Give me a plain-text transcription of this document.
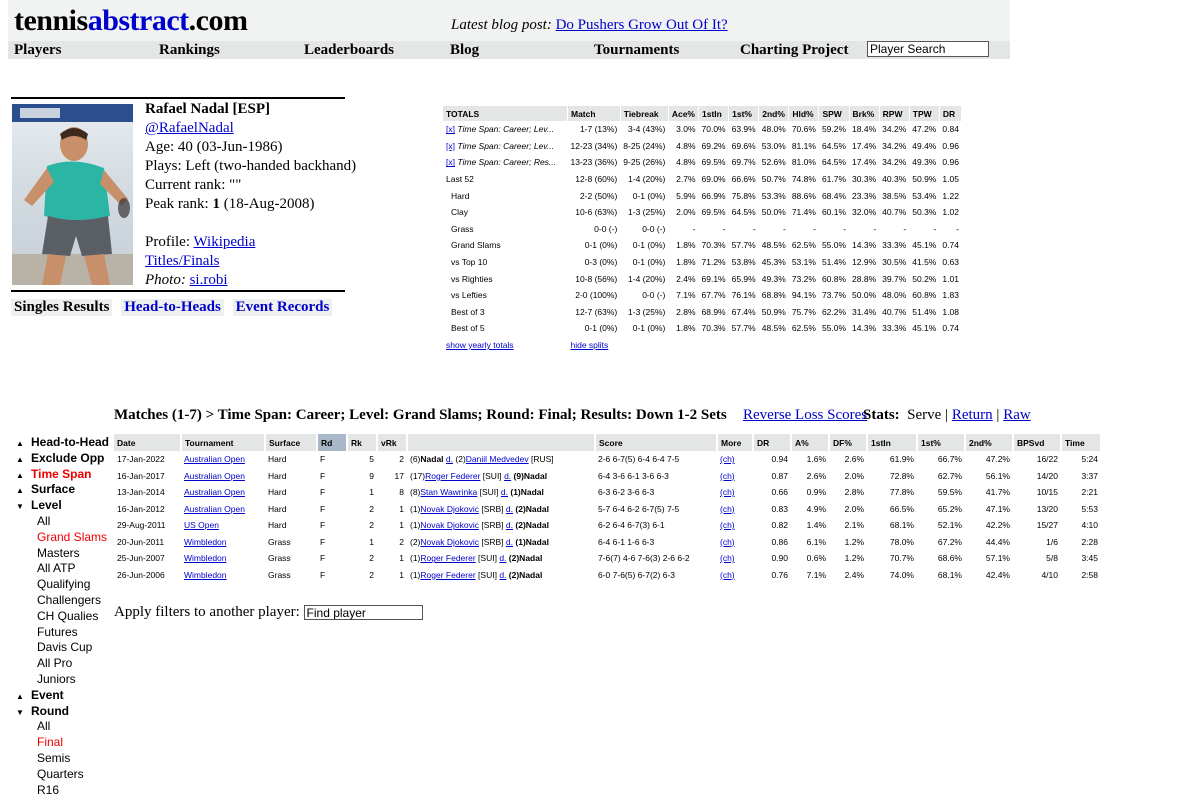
tennisabstract.com	Latest blog post: Do Pushers Grow Out Of It?
Players	Rankings	Leaderboards	Blog	Tournaments	Charting Project
Player Search
Rafael Nadal [ESP]
@RafaelNadal
Age: 40 (03-Jun-1986)
Plays: Left (two-handed backhand)
Current rank: ""
Peak rank: 1 (18-Aug-2008)
Profile: Wikipedia
Titles/Finals
Photo: si.robi
Singles Results Head-to-Heads Event Records
TOTALS	Match	Tiebreak	Ace%	1stIn	1st%	2nd%	Hld%	SPW	Brk%	RPW	TPW	DR
[x] Time Span: Career; Lev...	1-7 (13%)	3-4 (43%)	3.0%	70.0%	63.9%	48.0%	70.6%	59.2%	18.4%	34.2%	47.2%	0.84
[x] Time Span: Career; Lev...	12-23 (34%)	8-25 (24%)	4.8%	69.2%	69.6%	53.0%	81.1%	64.5%	17.4%	34.2%	49.4%	0.96
[x] Time Span: Career; Res...	13-23 (36%)	9-25 (26%)	4.8%	69.5%	69.7%	52.6%	81.0%	64.5%	17.4%	34.2%	49.3%	0.96
Last 52	12-8 (60%)	1-4 (20%)	2.7%	69.0%	66.6%	50.7%	74.8%	61.7%	30.3%	40.3%	50.9%	1.05
Hard	2-2 (50%)	0-1 (0%)	5.9%	66.9%	75.8%	53.3%	88.6%	68.4%	23.3%	38.5%	53.4%	1.22
Clay	10-6 (63%)	1-3 (25%)	2.0%	69.5%	64.5%	50.0%	71.4%	60.1%	32.0%	40.7%	50.3%	1.02
Grass	0-0 (-)	0-0 (-)	-	-	-	-	-	-	-	-	-	-
Grand Slams	0-1 (0%)	0-1 (0%)	1.8%	70.3%	57.7%	48.5%	62.5%	55.0%	14.3%	33.3%	45.1%	0.74
vs Top 10	0-3 (0%)	0-1 (0%)	1.8%	71.2%	53.8%	45.3%	53.1%	51.4%	12.9%	30.5%	41.5%	0.63
vs Righties	10-8 (56%)	1-4 (20%)	2.4%	69.1%	65.9%	49.3%	73.2%	60.8%	28.8%	39.7%	50.2%	1.01
vs Lefties	2-0 (100%)	0-0 (-)	7.1%	67.7%	76.1%	68.8%	94.1%	73.7%	50.0%	48.0%	60.8%	1.83
Best of 3	12-7 (63%)	1-3 (25%)	2.8%	68.9%	67.4%	50.9%	75.7%	62.2%	31.4%	40.7%	51.4%	1.08
Best of 5	0-1 (0%)	0-1 (0%)	1.8%	70.3%	57.7%	48.5%	62.5%	55.0%	14.3%	33.3%	45.1%	0.74
show yearly totals	hide splits											
Matches (1-7) > Time Span: Career; Level: Grand Slams; Round: Final; Results: Down 1-2 Sets Reverse Loss Scores
Stats: Serve | Return | Raw
Date	Tournament	Surface	Rd	Rk	vRk		Score	More	DR	A%	DF%	1stIn	1st%	2nd%	BPSvd	Time
17-Jan-2022	Australian Open	Hard	F	5	2	(6)Nadal d. (2)Daniil Medvedev [RUS]	2-6 6-7(5) 6-4 6-4 7-5	(ch)	0.94	1.6%	2.6%	61.9%	66.7%	47.2%	16/22	5:24
16-Jan-2017	Australian Open	Hard	F	9	17	(17)Roger Federer [SUI] d. (9)Nadal	6-4 3-6 6-1 3-6 6-3	(ch)	0.87	2.6%	2.0%	72.8%	62.7%	56.1%	14/20	3:37
13-Jan-2014	Australian Open	Hard	F	1	8	(8)Stan Wawrinka [SUI] d. (1)Nadal	6-3 6-2 3-6 6-3	(ch)	0.66	0.9%	2.8%	77.8%	59.5%	41.7%	10/15	2:21
16-Jan-2012	Australian Open	Hard	F	2	1	(1)Novak Djokovic [SRB] d. (2)Nadal	5-7 6-4 6-2 6-7(5) 7-5	(ch)	0.83	4.9%	2.0%	66.5%	65.2%	47.1%	13/20	5:53
29-Aug-2011	US Open	Hard	F	2	1	(1)Novak Djokovic [SRB] d. (2)Nadal	6-2 6-4 6-7(3) 6-1	(ch)	0.82	1.4%	2.1%	68.1%	52.1%	42.2%	15/27	4:10
20-Jun-2011	Wimbledon	Grass	F	1	2	(2)Novak Djokovic [SRB] d. (1)Nadal	6-4 6-1 1-6 6-3	(ch)	0.86	6.1%	1.2%	78.0%	67.2%	44.4%	1/6	2:28
25-Jun-2007	Wimbledon	Grass	F	2	1	(1)Roger Federer [SUI] d. (2)Nadal	7-6(7) 4-6 7-6(3) 2-6 6-2	(ch)	0.90	0.6%	1.2%	70.7%	68.6%	57.1%	5/8	3:45
26-Jun-2006	Wimbledon	Grass	F	2	1	(1)Roger Federer [SUI] d. (2)Nadal	6-0 7-6(5) 6-7(2) 6-3	(ch)	0.76	7.1%	2.4%	74.0%	68.1%	42.4%	4/10	2:58
Apply filters to another player: Find player
▲ Head-to-Head
▲ Exclude Opp
▲ Time Span
▲ Surface
▼ Level
All
Grand Slams
Masters
All ATP
Qualifying
Challengers
CH Qualies
Futures
Davis Cup
All Pro
Juniors
▲ Event
▼ Round
All
Final
Semis
Quarters
R16
